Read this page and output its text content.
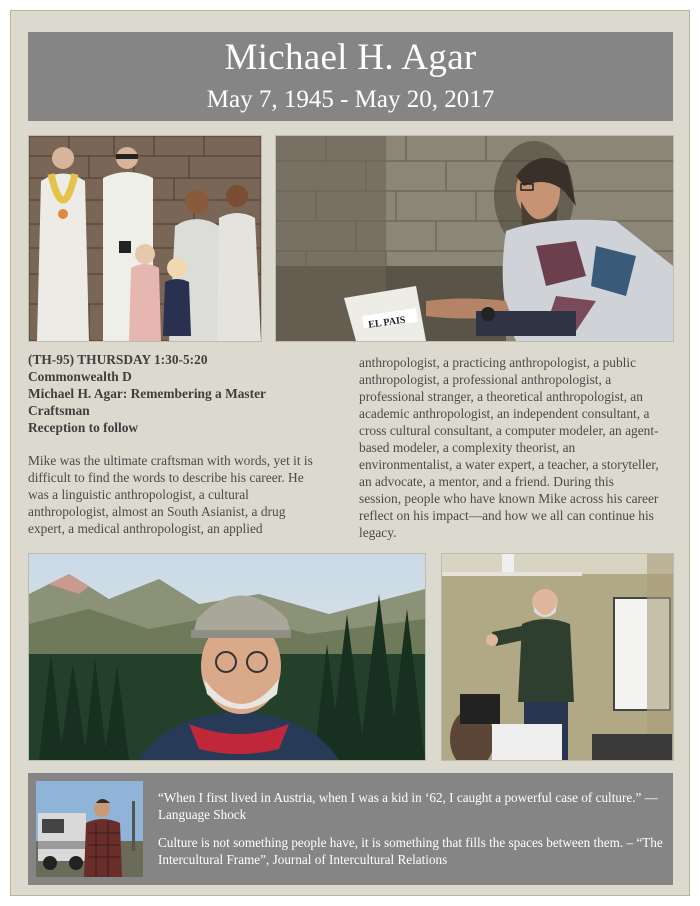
Michael H. Agar
May 7, 1945 - May 20, 2017
EL PAIS
(TH-95) THURSDAY 1:30-5:20
Commonwealth D
Michael H. Agar: Remembering a Master Craftsman
Reception to follow
Mike was the ultimate craftsman with words, yet it is difficult to find the words to describe his career. He was a linguistic anthropologist, a cultural anthropologist, almost an South Asianist, a drug expert, a medical anthropologist, an applied
anthropologist, a practicing anthropologist, a public anthropologist, a professional anthropologist, a professional stranger, a theoretical anthropologist, an academic anthropologist, an independent consultant, a cross cultural consultant, a computer modeler, an agent-based modeler, a complexity theorist, an environmentalist, a water expert, a teacher, a storyteller, an advocate, a mentor, and a friend. During this session, people who have known Mike across his career reflect on his impact—and how we all can continue his legacy.
“When I first lived in Austria, when I was a kid in ‘62, I caught a powerful case of culture.” — Language Shock
Culture is not something people have, it is something that fills the spaces between them. – “The Intercultural Frame”, Journal of Intercultural Relations
